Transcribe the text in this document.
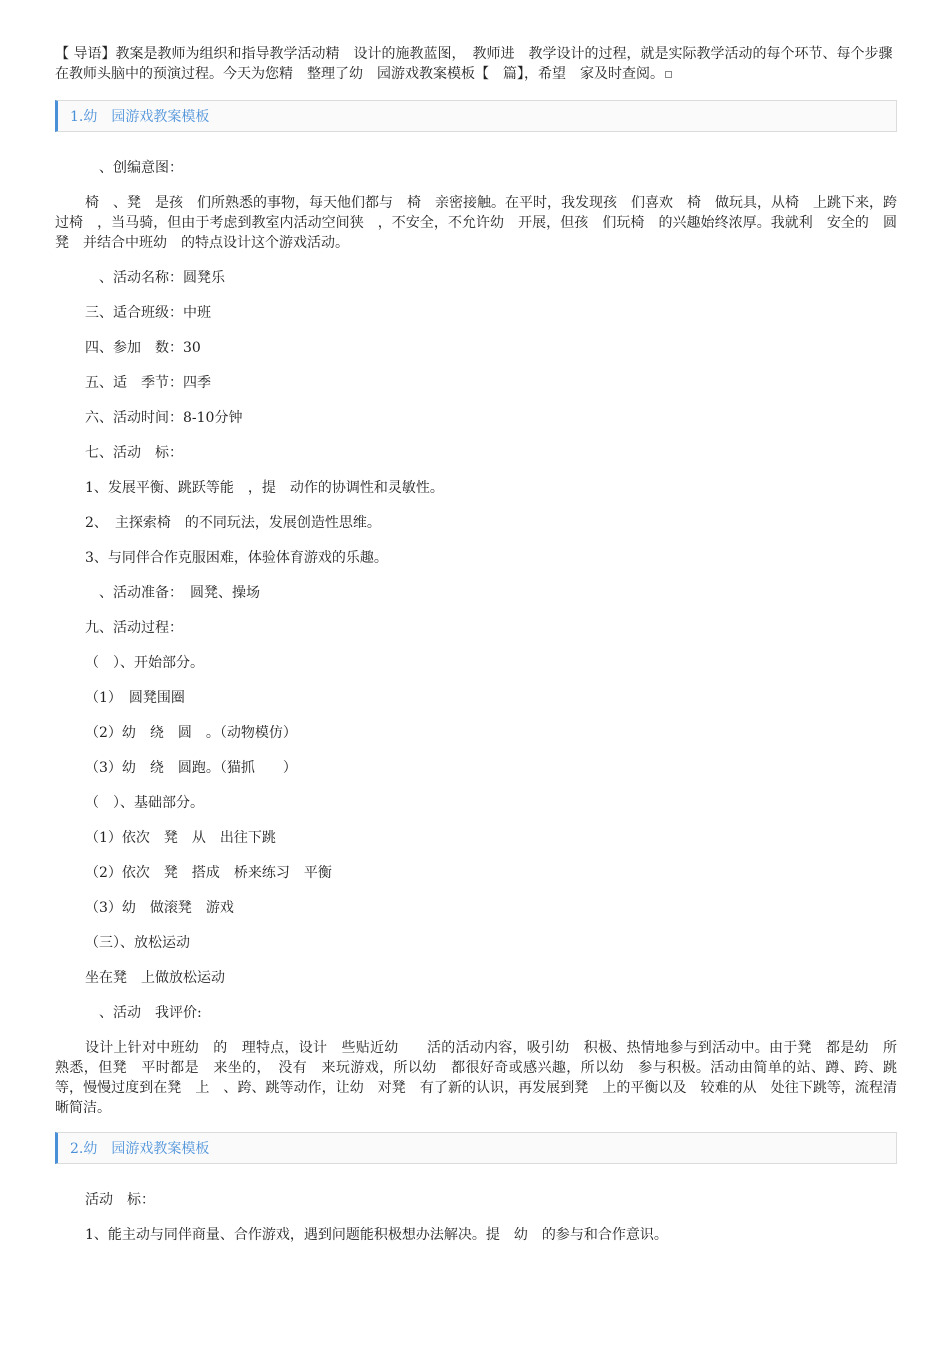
【 导语】教案是教师为组织和指导教学活动精　设计的施教蓝图，　教师进　教学设计的过程，就是实际教学活动的每个环节、每个步骤在教师头脑中的预演过程。今天为您精　整理了幼　园游戏教案模板【　篇】，希望　家及时查阅。

1.幼　园游戏教案模板

　、创编意图：

椅　、凳　是孩　们所熟悉的事物，每天他们都与　椅　亲密接触。在平时，我发现孩　们喜欢　椅　做玩具，从椅　上跳下来，跨过椅　，当马骑，但由于考虑到教室内活动空间狭　，不安全，不允许幼　开展，但孩　们玩椅　的兴趣始终浓厚。我就利　安全的　圆凳　并结合中班幼　的特点设计这个游戏活动。

　、活动名称：圆凳乐

三、适合班级：中班

四、参加　数：30

五、适　季节：四季

六、活动时间：8-10分钟

七、活动　标：

1、发展平衡、跳跃等能　，提　动作的协调性和灵敏性。

2、　主探索椅　的不同玩法，发展创造性思维。

3、与同伴合作克服困难，体验体育游戏的乐趣。

　、活动准备：　圆凳、操场

九、活动过程：

（　）、开始部分。

（1）　圆凳围圈

（2）幼　绕　圆　。（动物模仿）

（3）幼　绕　圆跑。（猫抓　　）

（　）、基础部分。

（1）依次　凳　从　出往下跳

（2）依次　凳　搭成　桥来练习　平衡

（3）幼　做滚凳　游戏

（三）、放松运动

坐在凳　上做放松运动

　、活动　我评价:

设计上针对中班幼　的　理特点，设计　些贴近幼　　活的活动内容，吸引幼　积极、热情地参与到活动中。由于凳　都是幼　所　　熟悉，但凳　平时都是　来坐的，　没有　来玩游戏，所以幼　都很好奇或感兴趣，所以幼　参与积极。活动由简单的站、蹲、跨、跳等，慢慢过度到在凳　上　、跨、跳等动作，让幼　对凳　有了新的认识，再发展到凳　上的平衡以及　较难的从　处往下跳等，流程清晰简洁。

2.幼　园游戏教案模板

活动　标：

1、能主动与同伴商量、合作游戏，遇到问题能积极想办法解决。提　幼　的参与和合作意识。
